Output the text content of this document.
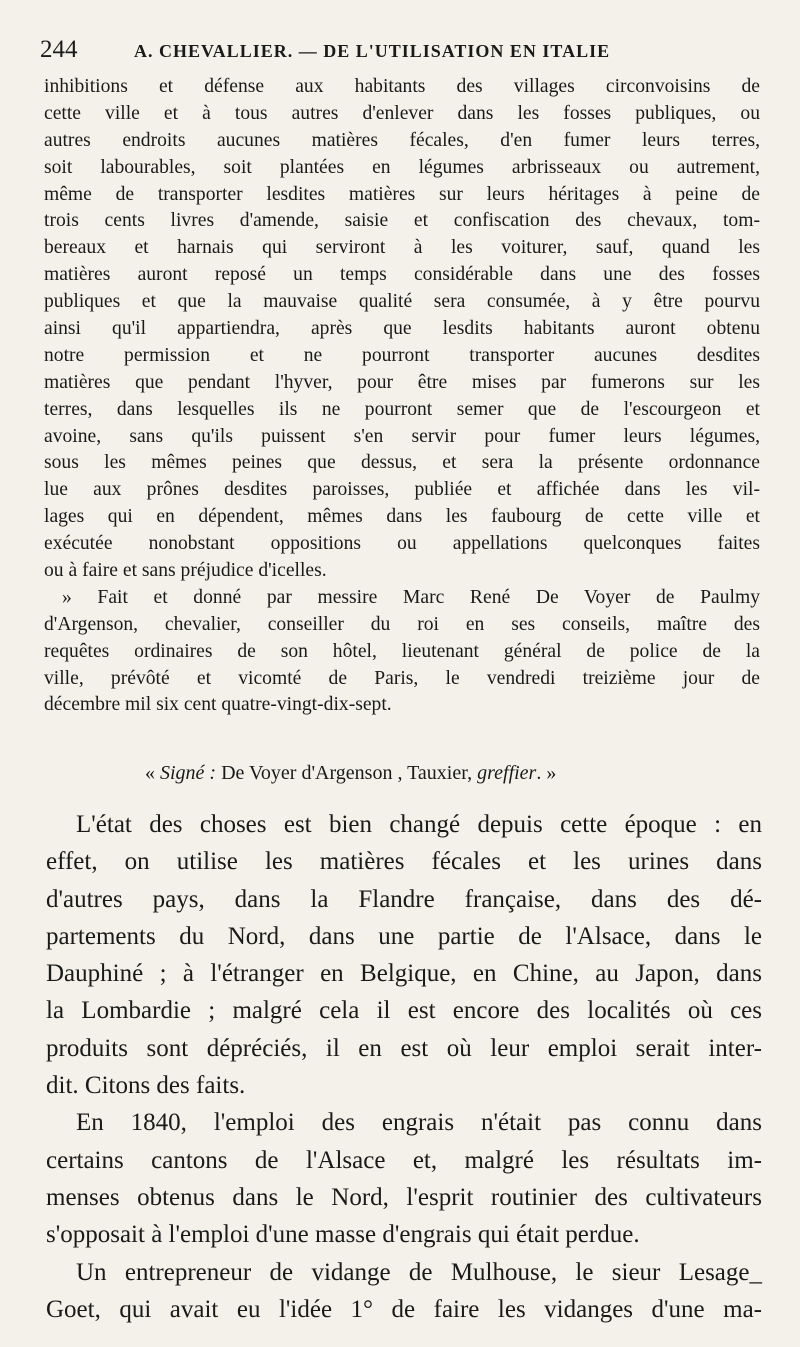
244	A. CHEVALLIER. — DE L'UTILISATION EN ITALIE
inhibitions et défense aux habitants des villages circonvoisins de
cette ville et à tous autres d'enlever dans les fosses publiques, ou
autres endroits aucunes matières fécales, d'en fumer leurs terres,
soit labourables, soit plantées en légumes arbrisseaux ou autrement,
même de transporter lesdites matières sur leurs héritages à peine de
trois cents livres d'amende, saisie et confiscation des chevaux, tom-
bereaux et harnais qui serviront à les voiturer, sauf, quand les
matières auront reposé un temps considérable dans une des fosses
publiques et que la mauvaise qualité sera consumée, à y être pourvu
ainsi qu'il appartiendra, après que lesdits habitants auront obtenu
notre permission et ne pourront transporter aucunes desdites
matières que pendant l'hyver, pour être mises par fumerons sur les
terres, dans lesquelles ils ne pourront semer que de l'escourgeon et
avoine, sans qu'ils puissent s'en servir pour fumer leurs légumes,
sous les mêmes peines que dessus, et sera la présente ordonnance
lue aux prônes desdites paroisses, publiée et affichée dans les vil-
lages qui en dépendent, mêmes dans les faubourg de cette ville et
exécutée nonobstant oppositions ou appellations quelconques faites
ou à faire et sans préjudice d'icelles.
» Fait et donné par messire Marc René De Voyer de Paulmy
d'Argenson, chevalier, conseiller du roi en ses conseils, maître des
requêtes ordinaires de son hôtel, lieutenant général de police de la
ville, prévôté et vicomté de Paris, le vendredi treizième jour de
décembre mil six cent quatre-vingt-dix-sept.
« Signé : De Voyer d'Argenson , Tauxier, greffier. »
L'état des choses est bien changé depuis cette époque : en
effet, on utilise les matières fécales et les urines dans
d'autres pays, dans la Flandre française, dans des dé-
partements du Nord, dans une partie de l'Alsace, dans le
Dauphiné ; à l'étranger en Belgique, en Chine, au Japon, dans
la Lombardie ; malgré cela il est encore des localités où ces
produits sont dépréciés, il en est où leur emploi serait inter-
dit. Citons des faits.
En 1840, l'emploi des engrais n'était pas connu dans
certains cantons de l'Alsace et, malgré les résultats im-
menses obtenus dans le Nord, l'esprit routinier des cultivateurs
s'opposait à l'emploi d'une masse d'engrais qui était perdue.
Un entrepreneur de vidange de Mulhouse, le sieur Lesage_
Goet, qui avait eu l'idée 1° de faire les vidanges d'une ma-
